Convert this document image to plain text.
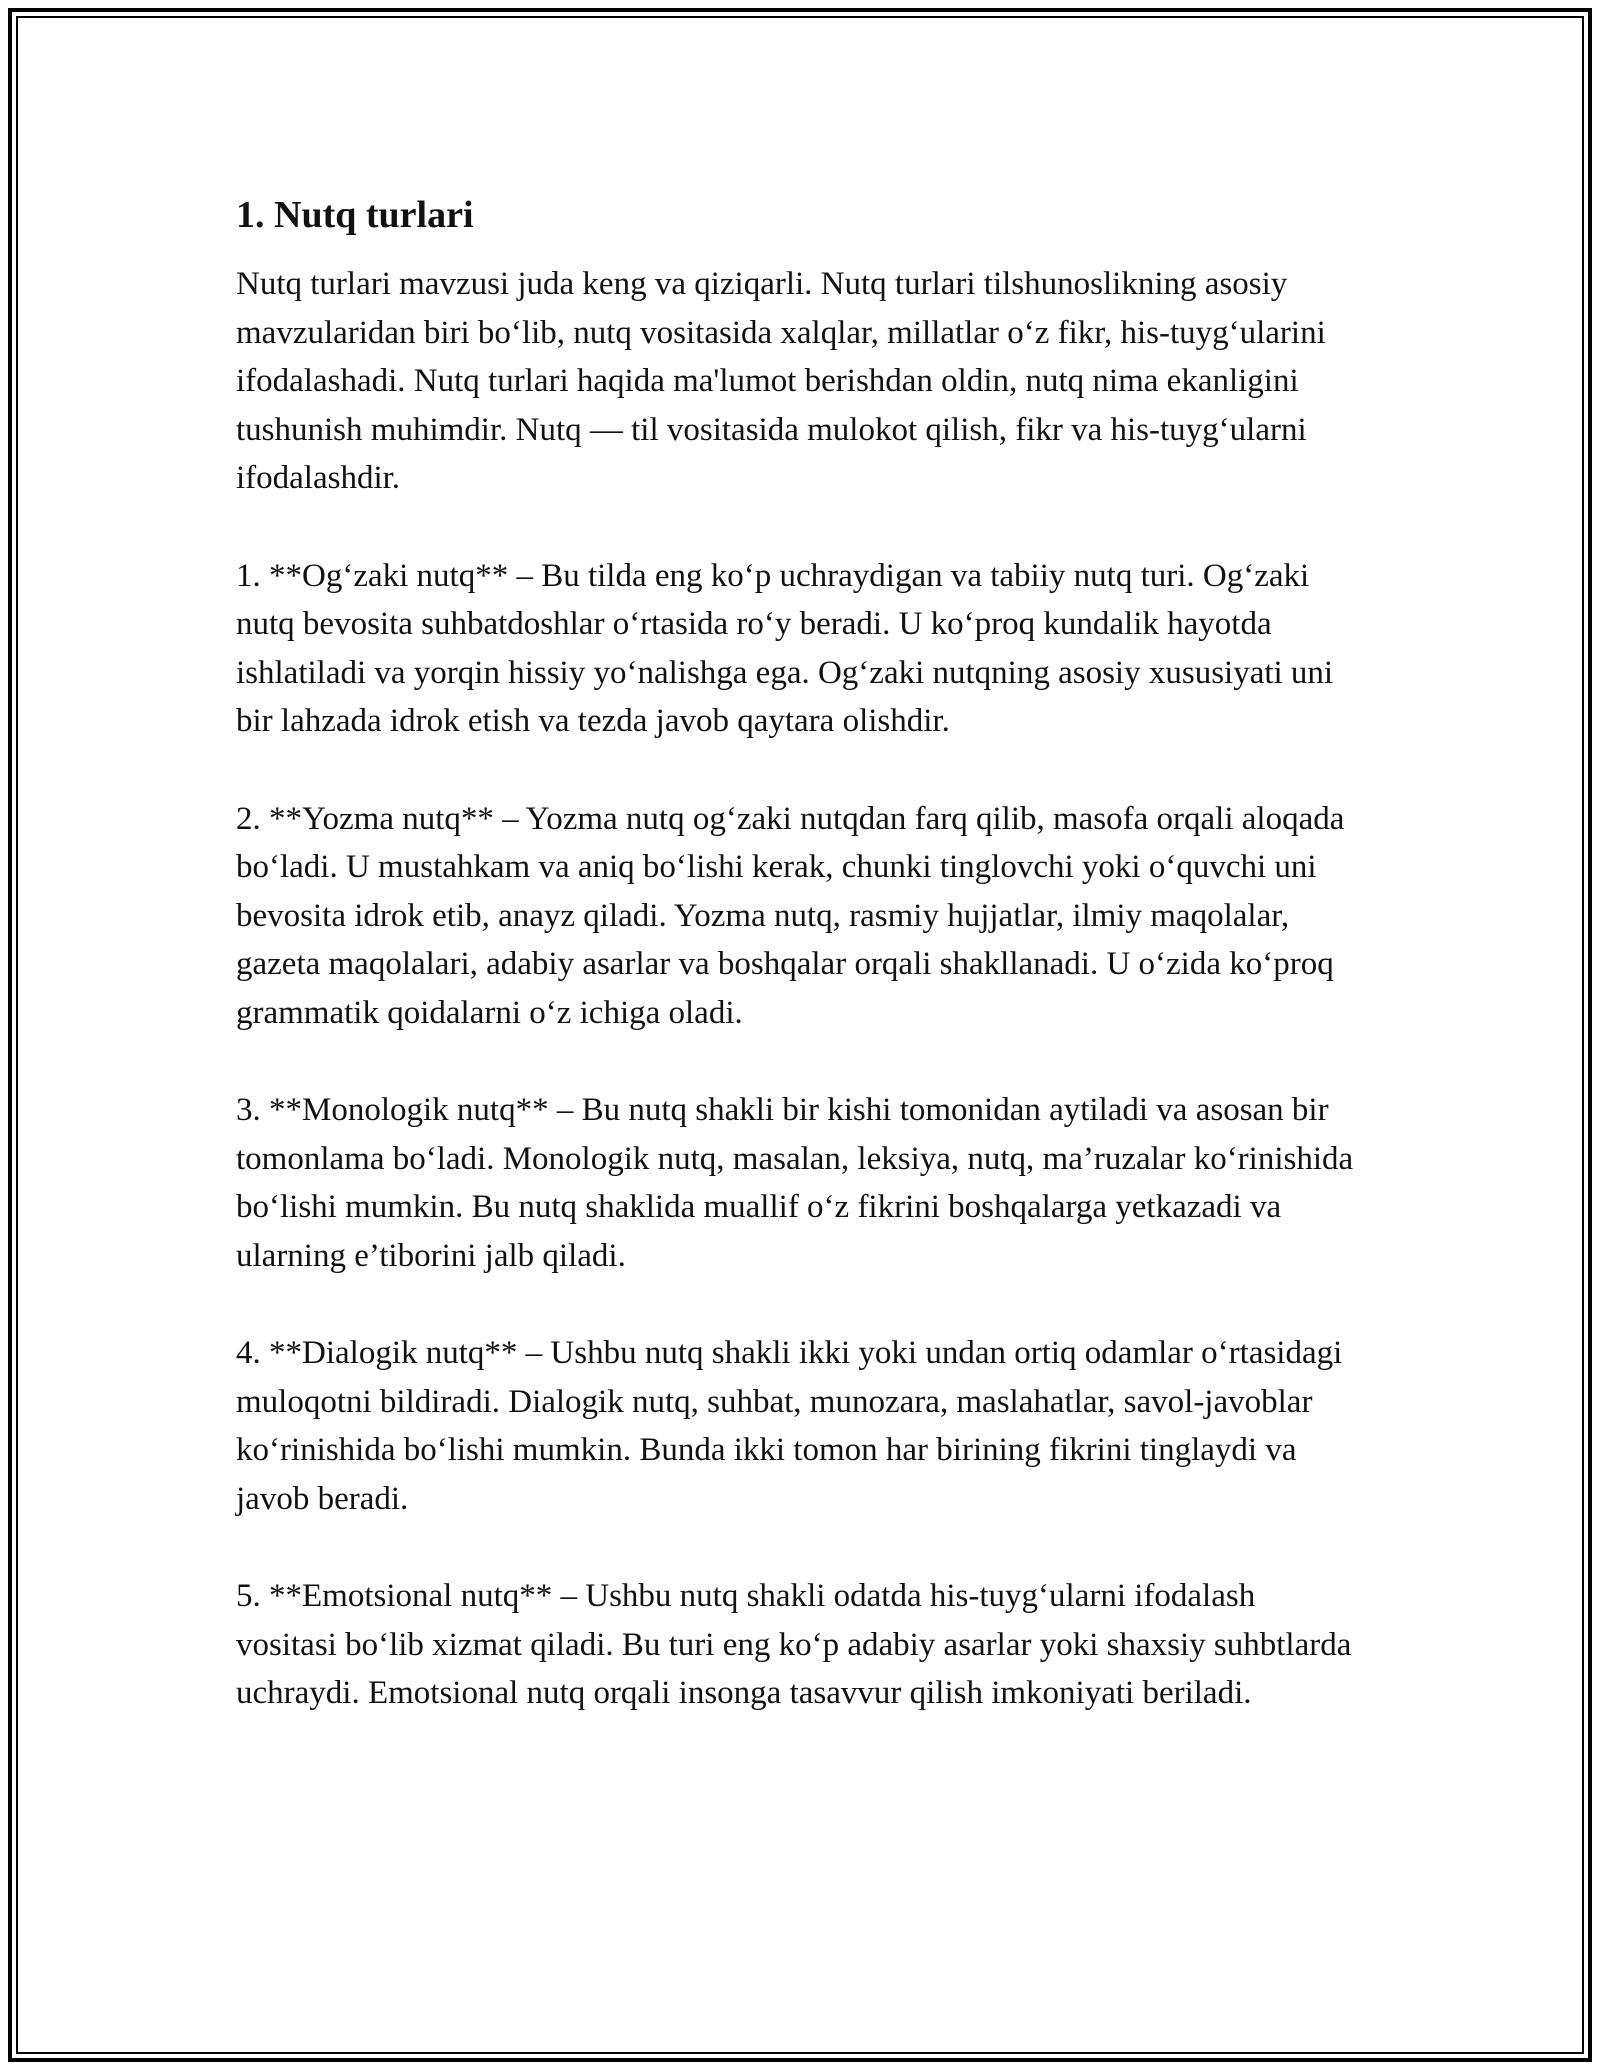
1. Nutq turlari

Nutq turlari mavzusi juda keng va qiziqarli. Nutq turlari tilshunoslikning asosiy mavzularidan biri bo‘lib, nutq vositasida xalqlar, millatlar o‘z fikr, his-tuyg‘ularini ifodalashadi. Nutq turlari haqida ma'lumot berishdan oldin, nutq nima ekanligini tushunish muhimdir. Nutq — til vositasida mulokot qilish, fikr va his-tuyg‘ularni ifodalashdir.

1. **Og‘zaki nutq** – Bu tilda eng ko‘p uchraydigan va tabiiy nutq turi. Og‘zaki nutq bevosita suhbatdoshlar o‘rtasida ro‘y beradi. U ko‘proq kundalik hayotda ishlatiladi va yorqin hissiy yo‘nalishga ega. Og‘zaki nutqning asosiy xususiyati uni bir lahzada idrok etish va tezda javob qaytara olishdir.

2. **Yozma nutq** – Yozma nutq og‘zaki nutqdan farq qilib, masofa orqali aloqada bo‘ladi. U mustahkam va aniq bo‘lishi kerak, chunki tinglovchi yoki o‘quvchi uni bevosita idrok etib, anayz qiladi. Yozma nutq, rasmiy hujjatlar, ilmiy maqolalar, gazeta maqolalari, adabiy asarlar va boshqalar orqali shakllanadi. U o‘zida ko‘proq grammatik qoidalarni o‘z ichiga oladi.

3. **Monologik nutq** – Bu nutq shakli bir kishi tomonidan aytiladi va asosan bir tomonlama bo‘ladi. Monologik nutq, masalan, leksiya, nutq, ma’ruzalar ko‘rinishida bo‘lishi mumkin. Bu nutq shaklida muallif o‘z fikrini boshqalarga yetkazadi va ularning e’tiborini jalb qiladi.

4. **Dialogik nutq** – Ushbu nutq shakli ikki yoki undan ortiq odamlar o‘rtasidagi muloqotni bildiradi. Dialogik nutq, suhbat, munozara, maslahatlar, savol-javoblar ko‘rinishida bo‘lishi mumkin. Bunda ikki tomon har birining fikrini tinglaydi va javob beradi.

5. **Emotsional nutq** – Ushbu nutq shakli odatda his-tuyg‘ularni ifodalash vositasi bo‘lib xizmat qiladi. Bu turi eng ko‘p adabiy asarlar yoki shaxsiy suhbtlarda uchraydi. Emotsional nutq orqali insonga tasavvur qilish imkoniyati beriladi.
